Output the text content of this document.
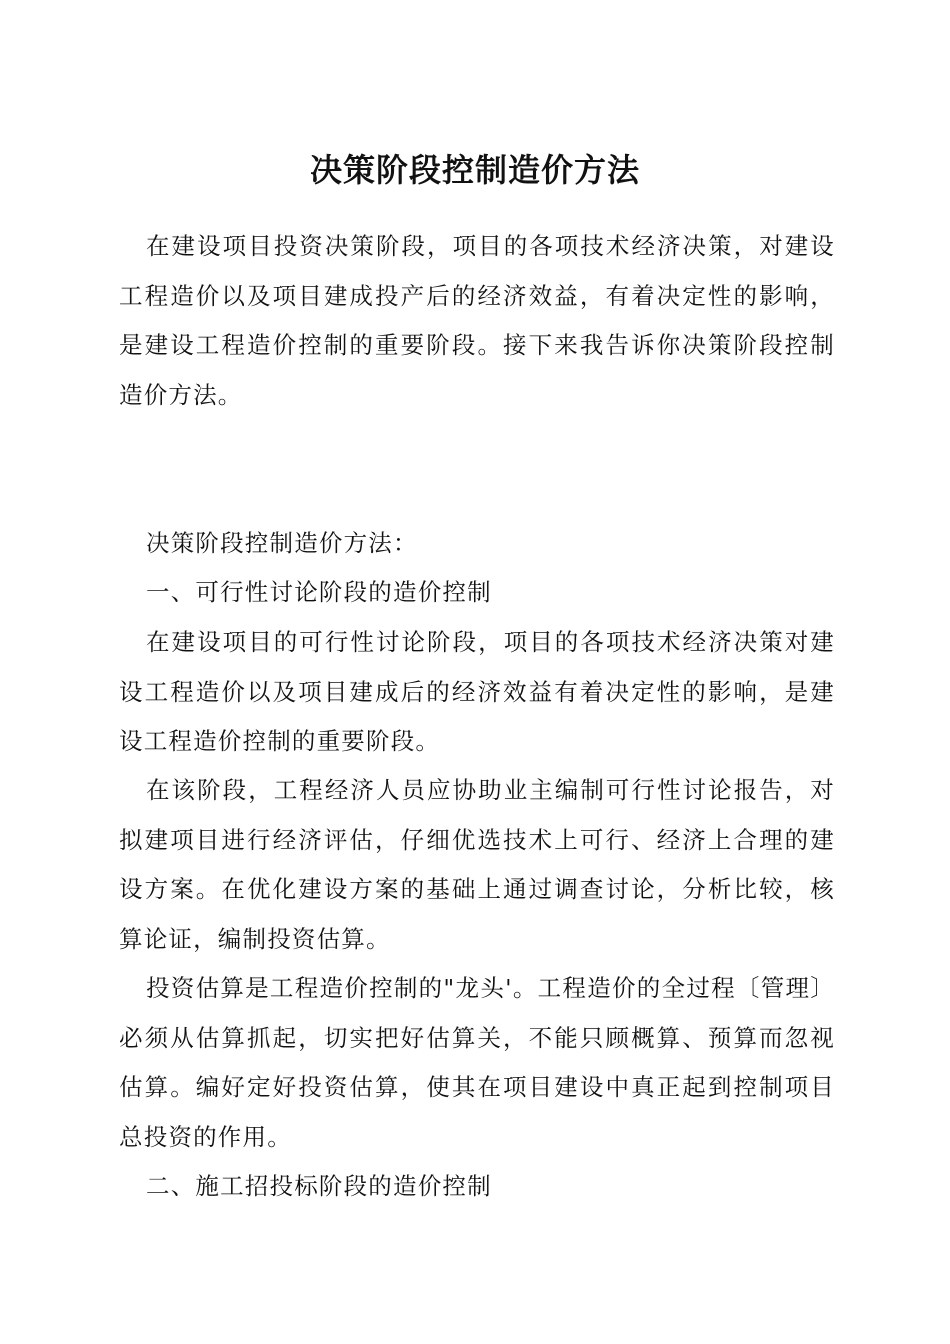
决策阶段控制造价方法

在建设项目投资决策阶段，项目的各项技术经济决策，对建设工程造价以及项目建成投产后的经济效益，有着决定性的影响，是建设工程造价控制的重要阶段。接下来我告诉你决策阶段控制造价方法。

决策阶段控制造价方法：

一、可行性讨论阶段的造价控制

在建设项目的可行性讨论阶段，项目的各项技术经济决策对建设工程造价以及项目建成后的经济效益有着决定性的影响，是建设工程造价控制的重要阶段。

在该阶段，工程经济人员应协助业主编制可行性讨论报告，对拟建项目进行经济评估，仔细优选技术上可行、经济上合理的建设方案。在优化建设方案的基础上通过调查讨论，分析比较，核算论证，编制投资估算。

投资估算是工程造价控制的"龙头'。工程造价的全过程〔管理〕必须从估算抓起，切实把好估算关，不能只顾概算、预算而忽视估算。编好定好投资估算，使其在项目建设中真正起到控制项目总投资的作用。

二、施工招投标阶段的造价控制
